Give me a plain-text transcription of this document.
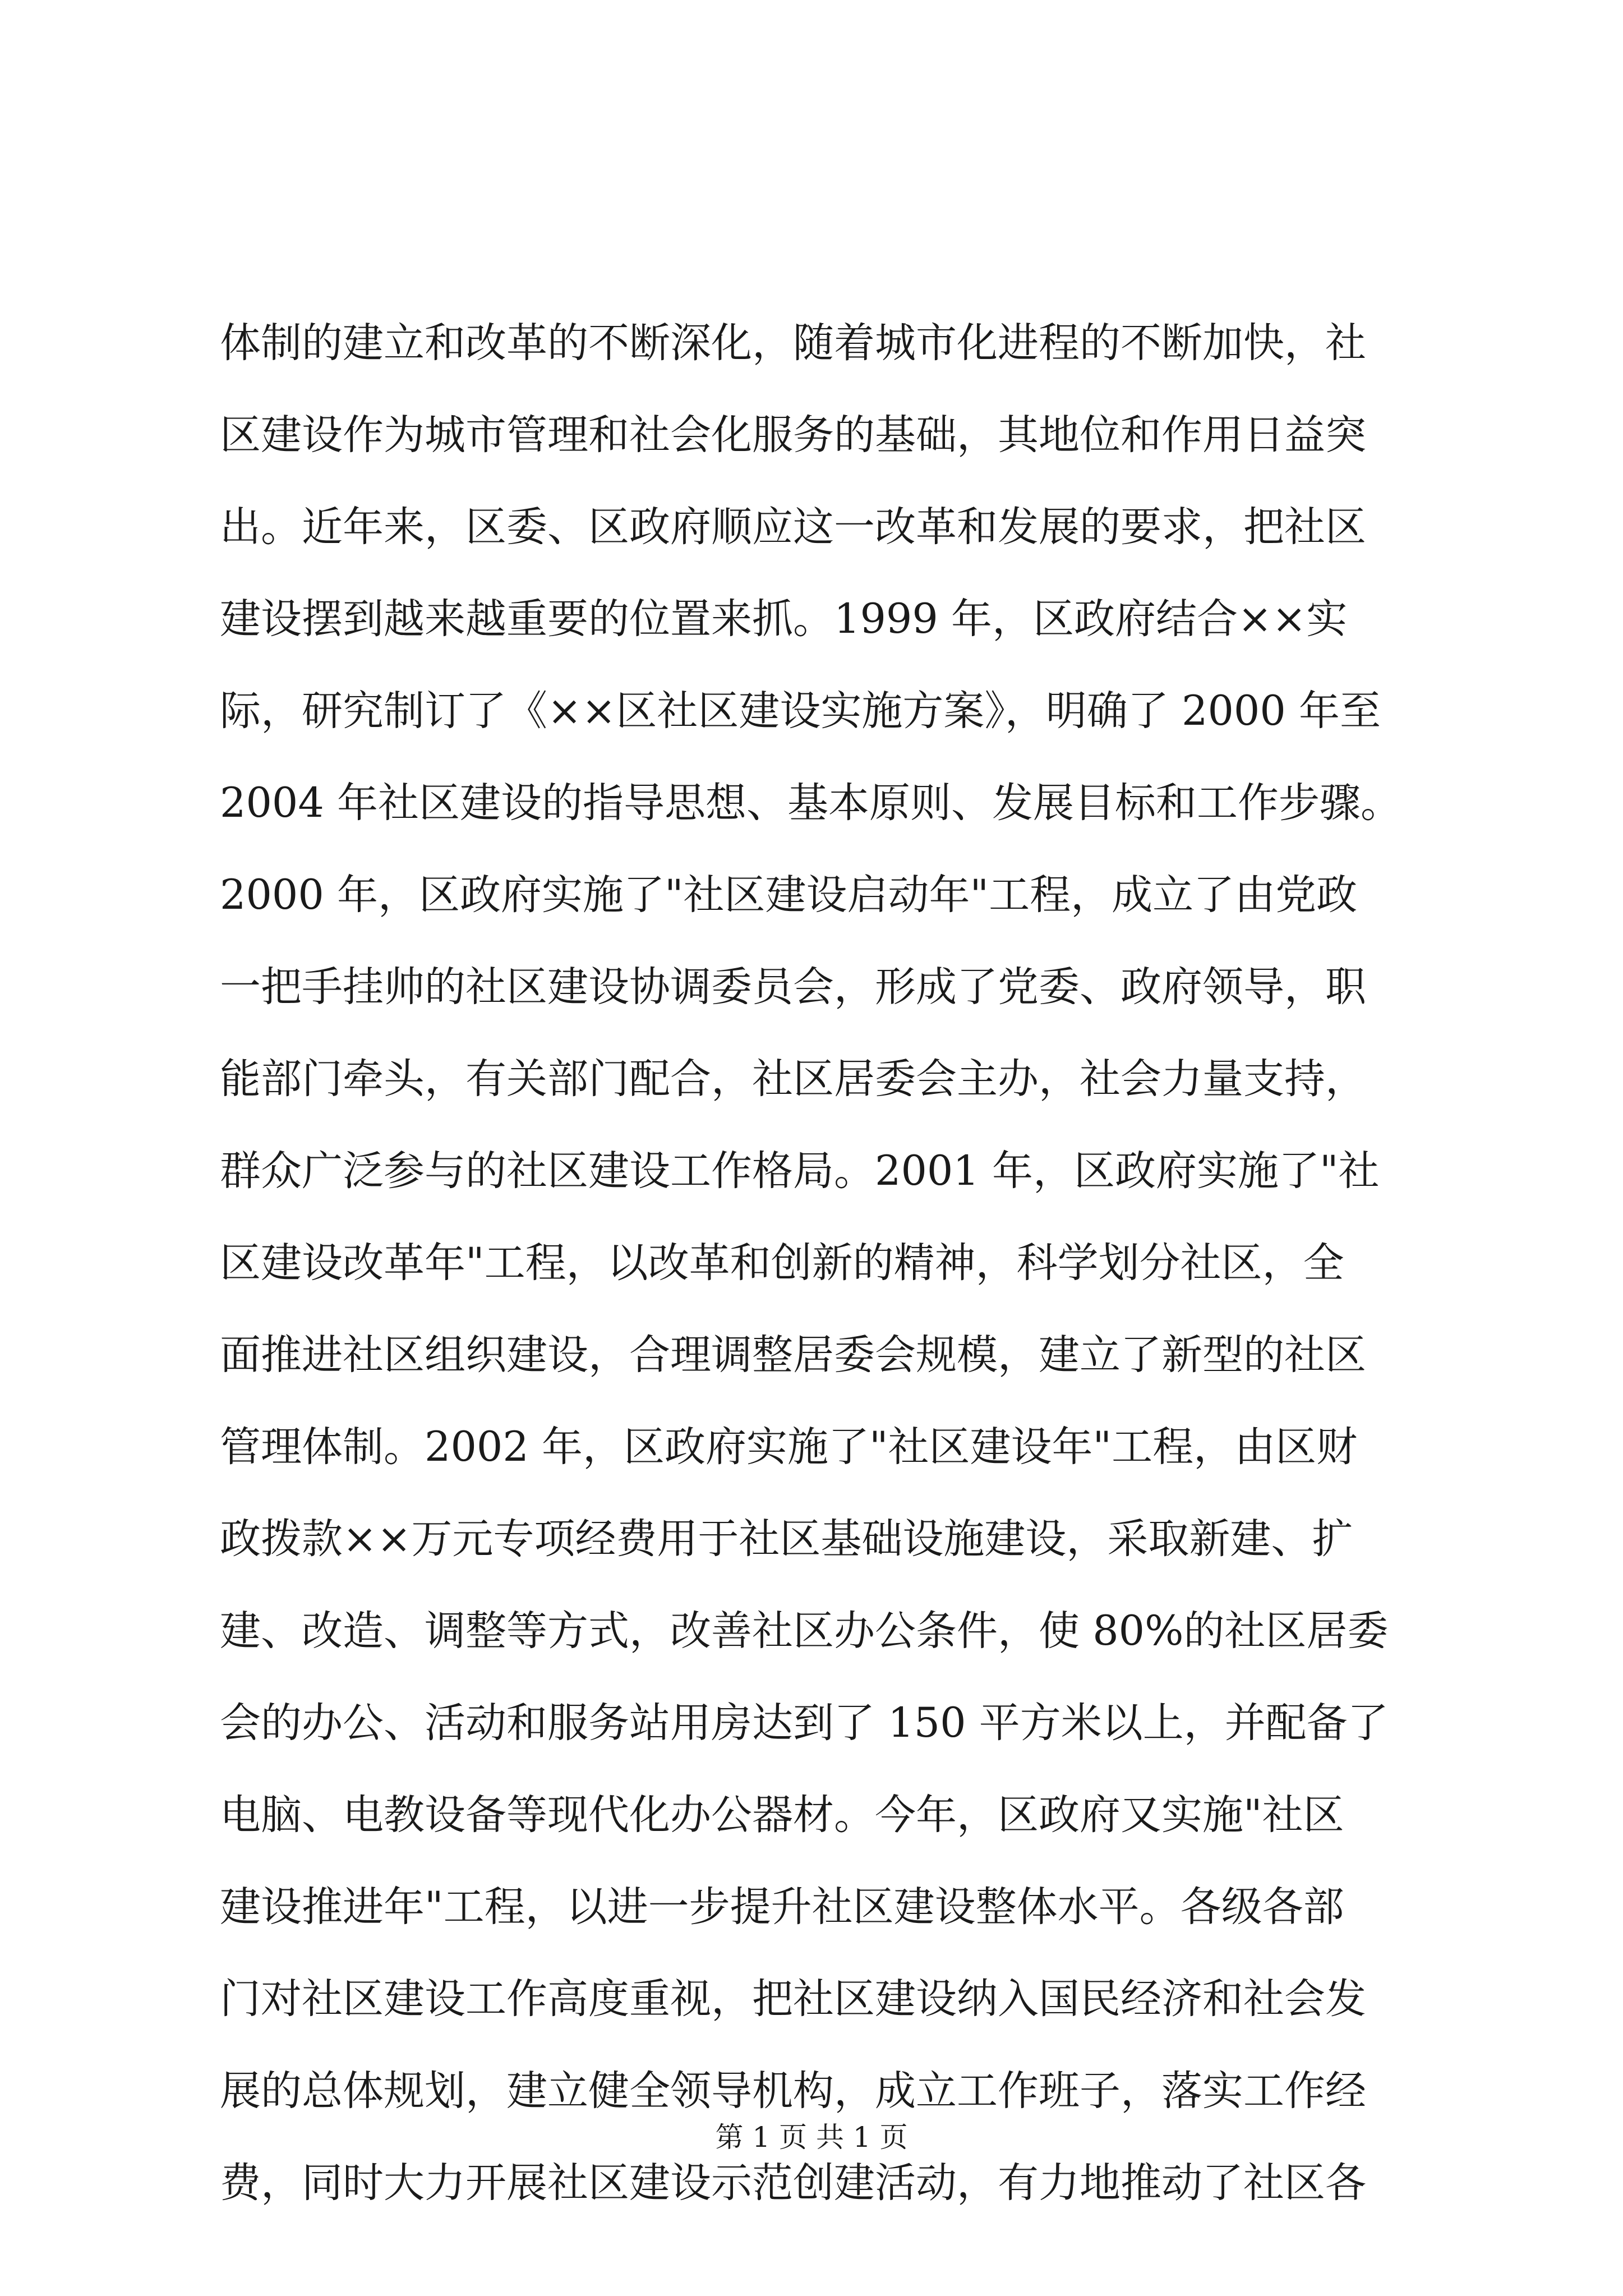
体制的建立和改革的不断深化，随着城市化进程的不断加快，社
区建设作为城市管理和社会化服务的基础，其地位和作用日益突
出。近年来，区委、区政府顺应这一改革和发展的要求，把社区
建设摆到越来越重要的位置来抓。1999 年，区政府结合××实
际，研究制订了《××区社区建设实施方案》，明确了 2000 年至
2004 年社区建设的指导思想、基本原则、发展目标和工作步骤。
2000 年，区政府实施了"社区建设启动年"工程，成立了由党政
一把手挂帅的社区建设协调委员会，形成了党委、政府领导，职
能部门牵头，有关部门配合，社区居委会主办，社会力量支持，
群众广泛参与的社区建设工作格局。2001 年，区政府实施了"社
区建设改革年"工程，以改革和创新的精神，科学划分社区，全
面推进社区组织建设，合理调整居委会规模，建立了新型的社区
管理体制。2002 年，区政府实施了"社区建设年"工程，由区财
政拨款××万元专项经费用于社区基础设施建设，采取新建、扩
建、改造、调整等方式，改善社区办公条件，使 80%的社区居委
会的办公、活动和服务站用房达到了 150 平方米以上，并配备了
电脑、电教设备等现代化办公器材。今年，区政府又实施"社区
建设推进年"工程，以进一步提升社区建设整体水平。各级各部
门对社区建设工作高度重视，把社区建设纳入国民经济和社会发
展的总体规划，建立健全领导机构，成立工作班子，落实工作经
费，同时大力开展社区建设示范创建活动，有力地推动了社区各
第 1 页 共 1 页
